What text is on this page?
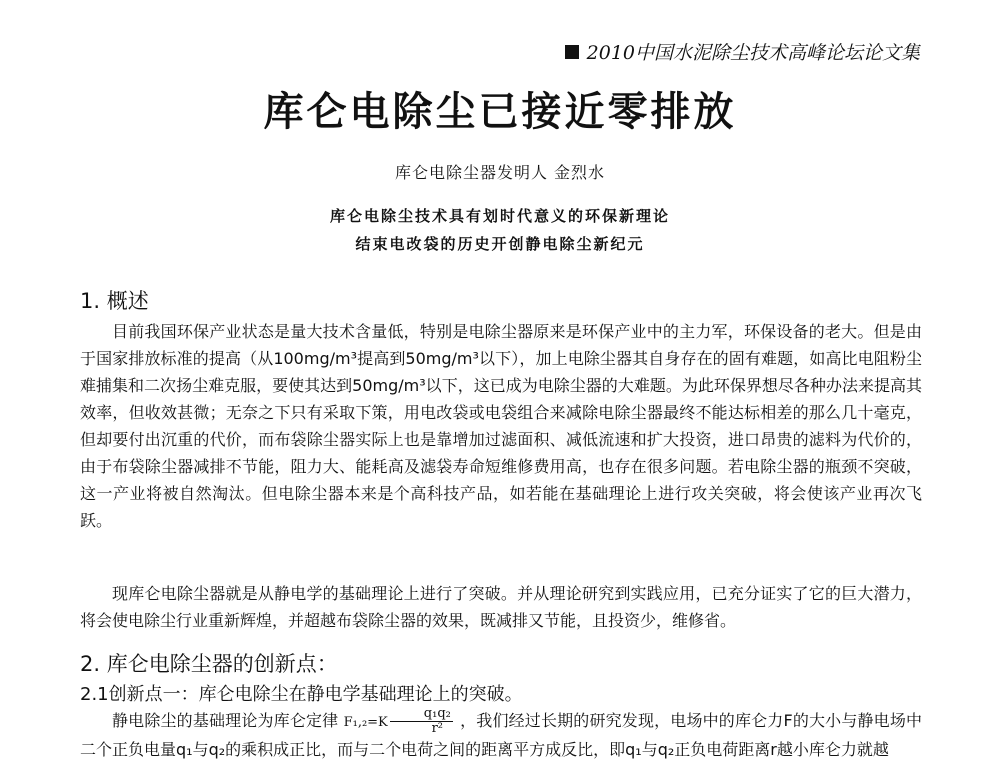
2010中国水泥除尘技术高峰论坛论文集
库仑电除尘已接近零排放
库仑电除尘器发明人 金烈水
库仑电除尘技术具有划时代意义的环保新理论
结束电改袋的历史开创静电除尘新纪元
1. 概述
目前我国环保产业状态是量大技术含量低，特别是电除尘器原来是环保产业中的主力军，环保设备的老大。但是由于国家排放标准的提高（从100mg/m³提高到50mg/m³以下），加上电除尘器其自身存在的固有难题，如高比电阻粉尘难捕集和二次扬尘难克服，要使其达到50mg/m³以下，这已成为电除尘器的大难题。为此环保界想尽各种办法来提高其效率，但收效甚微；无奈之下只有采取下策，用电改袋或电袋组合来减除电除尘器最终不能达标相差的那么几十毫克，但却要付出沉重的代价，而布袋除尘器实际上也是靠增加过滤面积、减低流速和扩大投资，进口昂贵的滤料为代价的，由于布袋除尘器减排不节能，阻力大、能耗高及滤袋寿命短维修费用高，也存在很多问题。若电除尘器的瓶颈不突破，这一产业将被自然淘汰。但电除尘器本来是个高科技产品，如若能在基础理论上进行攻关突破，将会使该产业再次飞跃。
现库仑电除尘器就是从静电学的基础理论上进行了突破。并从理论研究到实践应用，已充分证实了它的巨大潜力，将会使电除尘行业重新辉煌，并超越布袋除尘器的效果，既减排又节能，且投资少，维修省。
2. 库仑电除尘器的创新点：
2.1创新点一：库仑电除尘在静电学基础理论上的突破。
静电除尘的基础理论为库仑定律 $F_1,_2=K \frac{\text{q₁q₂}}{\text{r²}}$ ，我们经过长期的研究发现，电场中的库仑力F的大小与静电场中二个正负电量q₁与q₂的乘积成正比，而与二个电荷之间的距离平方成反比，即q₁与q₂正负电荷距离r越小库仑力就越
